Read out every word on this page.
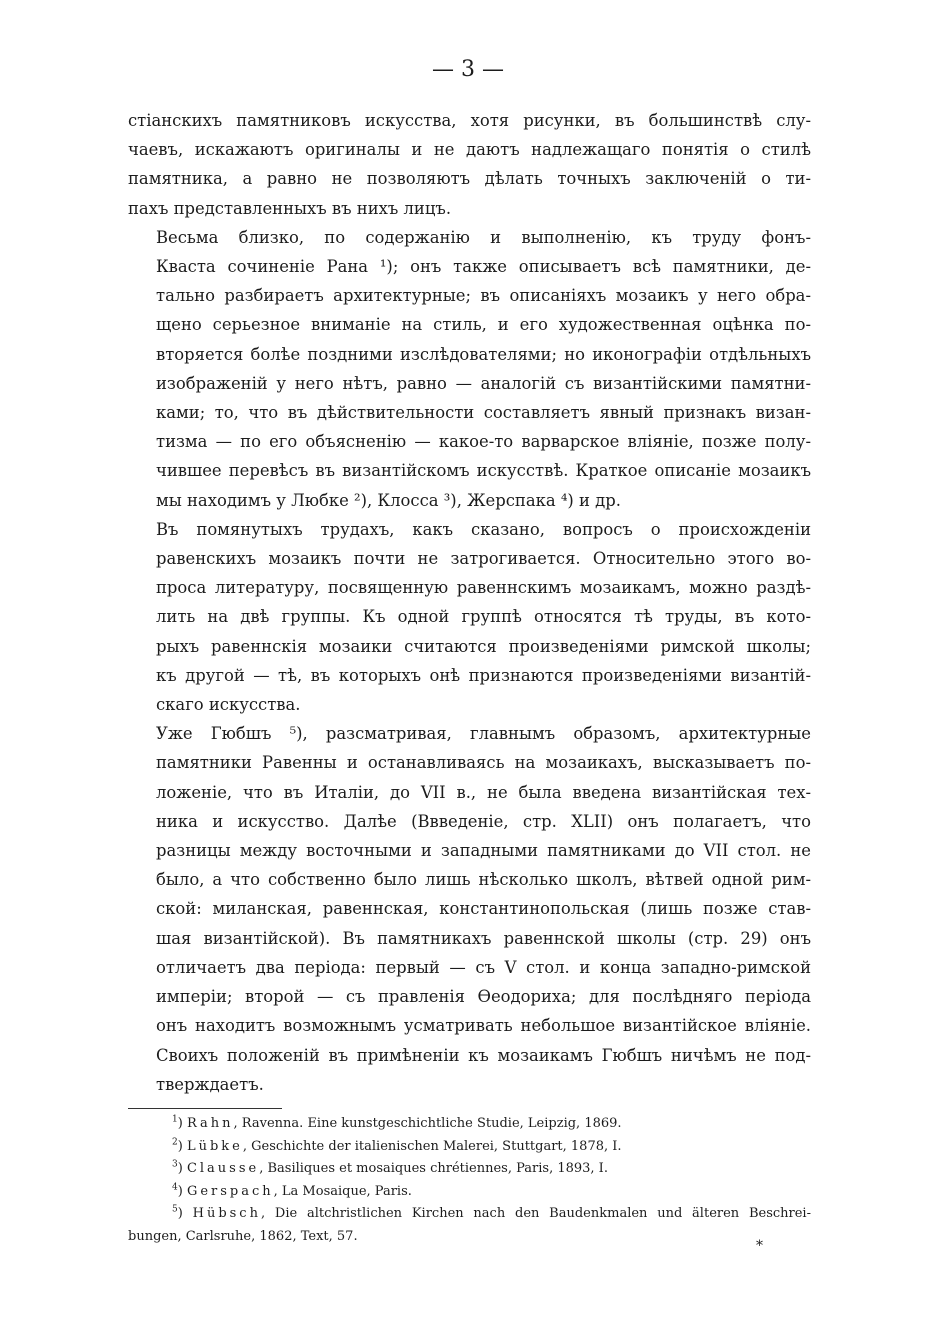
— 3 —

стіанскихъ памятниковъ искусства, хотя рисунки, въ большинствѣ слу-
чаевъ, искажаютъ оригиналы и не даютъ надлежащаго понятія о стилѣ
памятника, а равно не позволяютъ дѣлать точныхъ заключеній о ти-
пахъ представленныхъ въ нихъ лицъ.

Весьма близко, по содержанію и выполненію, къ труду фонъ-
Кваста сочиненіе Рана ¹); онъ также описываетъ всѣ памятники, де-
тально разбираетъ архитектурные; въ описаніяхъ мозаикъ у него обра-
щено серьезное вниманіе на стиль, и его художественная оцѣнка по-
вторяется болѣе поздними изслѣдователями; но иконографіи отдѣльныхъ
изображеній у него нѣтъ, равно — аналогій съ византійскими памятни-
ками; то, что въ дѣйствительности составляетъ явный признакъ визан-
тизма — по его объясненію — какое-то варварское вліяніе, позже полу-
чившее перевѣсъ въ византійскомъ искусствѣ. Краткое описаніе мозаикъ
мы находимъ у Любке ²), Клосса ³), Жерспака ⁴) и др.

Въ помянутыхъ трудахъ, какъ сказано, вопросъ о происхожденіи
равенскихъ мозаикъ почти не затрогивается. Относительно этого во-
проса литературу, посвященную равеннскимъ мозаикамъ, можно раздѣ-
лить на двѣ группы. Къ одной группѣ относятся тѣ труды, въ кото-
рыхъ равеннскія мозаики считаются произведеніями римской школы;
къ другой — тѣ, въ которыхъ онѣ признаются произведеніями византій-
скаго искусства.

Уже Гюбшъ ⁵), разсматривая, главнымъ образомъ, архитектурные
памятники Равенны и останавливаясь на мозаикахъ, высказываетъ по-
ложеніе, что въ Италіи, до VII в., не была введена византійская тех-
ника и искусство. Далѣе (Ввведеніе, стр. XLII) онъ полагаетъ, что
разницы между восточными и западными памятниками до VII стол. не
было, а что собственно было лишь нѣсколько школъ, вѣтвей одной рим-
ской: миланская, равеннская, константинопольская (лишь позже став-
шая византійской). Въ памятникахъ равеннской школы (стр. 29) онъ
отличаетъ два періода: первый — съ V стол. и конца западно-римской
имперіи; второй — съ правленія Ѳеодориха; для послѣдняго періода
онъ находитъ возможнымъ усматривать небольшое византійское вліяніе.
Своихъ положеній въ примѣненіи къ мозаикамъ Гюбшъ ничѣмъ не под-
тверждаетъ.

$^1$) Rahn, Ravenna. Eine kunstgeschichtliche Studie, Leipzig, 1869.
$^2$) Lübke, Geschichte der italienischen Malerei, Stuttgart, 1878, I.
$^3$) Clausse, Basiliques et mosaiques chrétiennes, Paris, 1893, I.
$^4$) Gerspach, La Mosaique, Paris.
$^5$) Hübsch, Die altchristlichen Kirchen nach den Baudenkmalen und älteren Beschrei-
bungen, Carlsruhe, 1862, Text, 57.
*
